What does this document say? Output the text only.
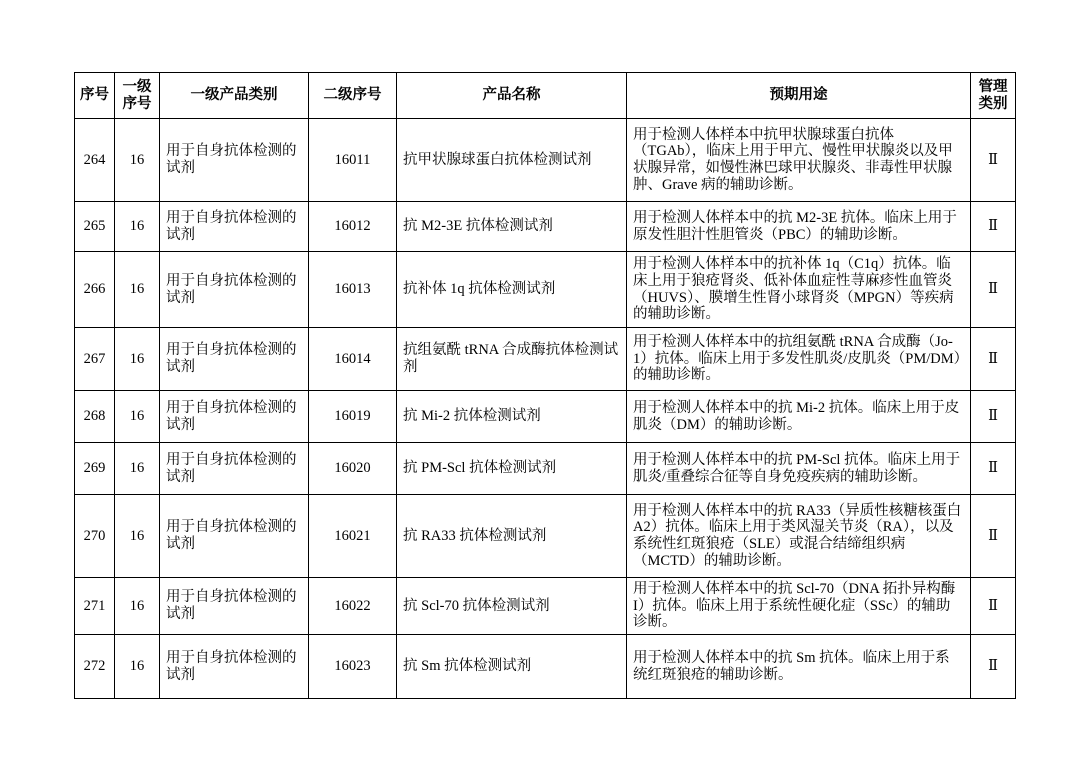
序号	一级序号	一级产品类别	二级序号	产品名称	预期用途	管理类别
264	16	用于自身抗体检测的试剂	16011	抗甲状腺球蛋白抗体检测试剂	用于检测人体样本中抗甲状腺球蛋白抗体（TGAb），临床上用于甲亢、慢性甲状腺炎以及甲状腺异常，如慢性淋巴球甲状腺炎、非毒性甲状腺肿、Grave 病的辅助诊断。	Ⅱ
265	16	用于自身抗体检测的试剂	16012	抗 M2-3E 抗体检测试剂	用于检测人体样本中的抗 M2-3E 抗体。临床上用于原发性胆汁性胆管炎（PBC）的辅助诊断。	Ⅱ
266	16	用于自身抗体检测的试剂	16013	抗补体 1q 抗体检测试剂	用于检测人体样本中的抗补体 1q（C1q）抗体。临床上用于狼疮肾炎、低补体血症性荨麻疹性血管炎（HUVS）、膜增生性肾小球肾炎（MPGN）等疾病的辅助诊断。	Ⅱ
267	16	用于自身抗体检测的试剂	16014	抗组氨酰 tRNA 合成酶抗体检测试剂	用于检测人体样本中的抗组氨酰 tRNA 合成酶（Jo-1）抗体。临床上用于多发性肌炎/皮肌炎（PM/DM）的辅助诊断。	Ⅱ
268	16	用于自身抗体检测的试剂	16019	抗 Mi-2 抗体检测试剂	用于检测人体样本中的抗 Mi-2 抗体。临床上用于皮肌炎（DM）的辅助诊断。	Ⅱ
269	16	用于自身抗体检测的试剂	16020	抗 PM-Scl 抗体检测试剂	用于检测人体样本中的抗 PM-Scl 抗体。临床上用于肌炎/重叠综合征等自身免疫疾病的辅助诊断。	Ⅱ
270	16	用于自身抗体检测的试剂	16021	抗 RA33 抗体检测试剂	用于检测人体样本中的抗 RA33（异质性核糖核蛋白 A2）抗体。临床上用于类风湿关节炎（RA），以及系统性红斑狼疮（SLE）或混合结缔组织病（MCTD）的辅助诊断。	Ⅱ
271	16	用于自身抗体检测的试剂	16022	抗 Scl-70 抗体检测试剂	用于检测人体样本中的抗 Scl-70（DNA 拓扑异构酶I）抗体。临床上用于系统性硬化症（SSc）的辅助诊断。	Ⅱ
272	16	用于自身抗体检测的试剂	16023	抗 Sm 抗体检测试剂	用于检测人体样本中的抗 Sm 抗体。临床上用于系统红斑狼疮的辅助诊断。	Ⅱ
